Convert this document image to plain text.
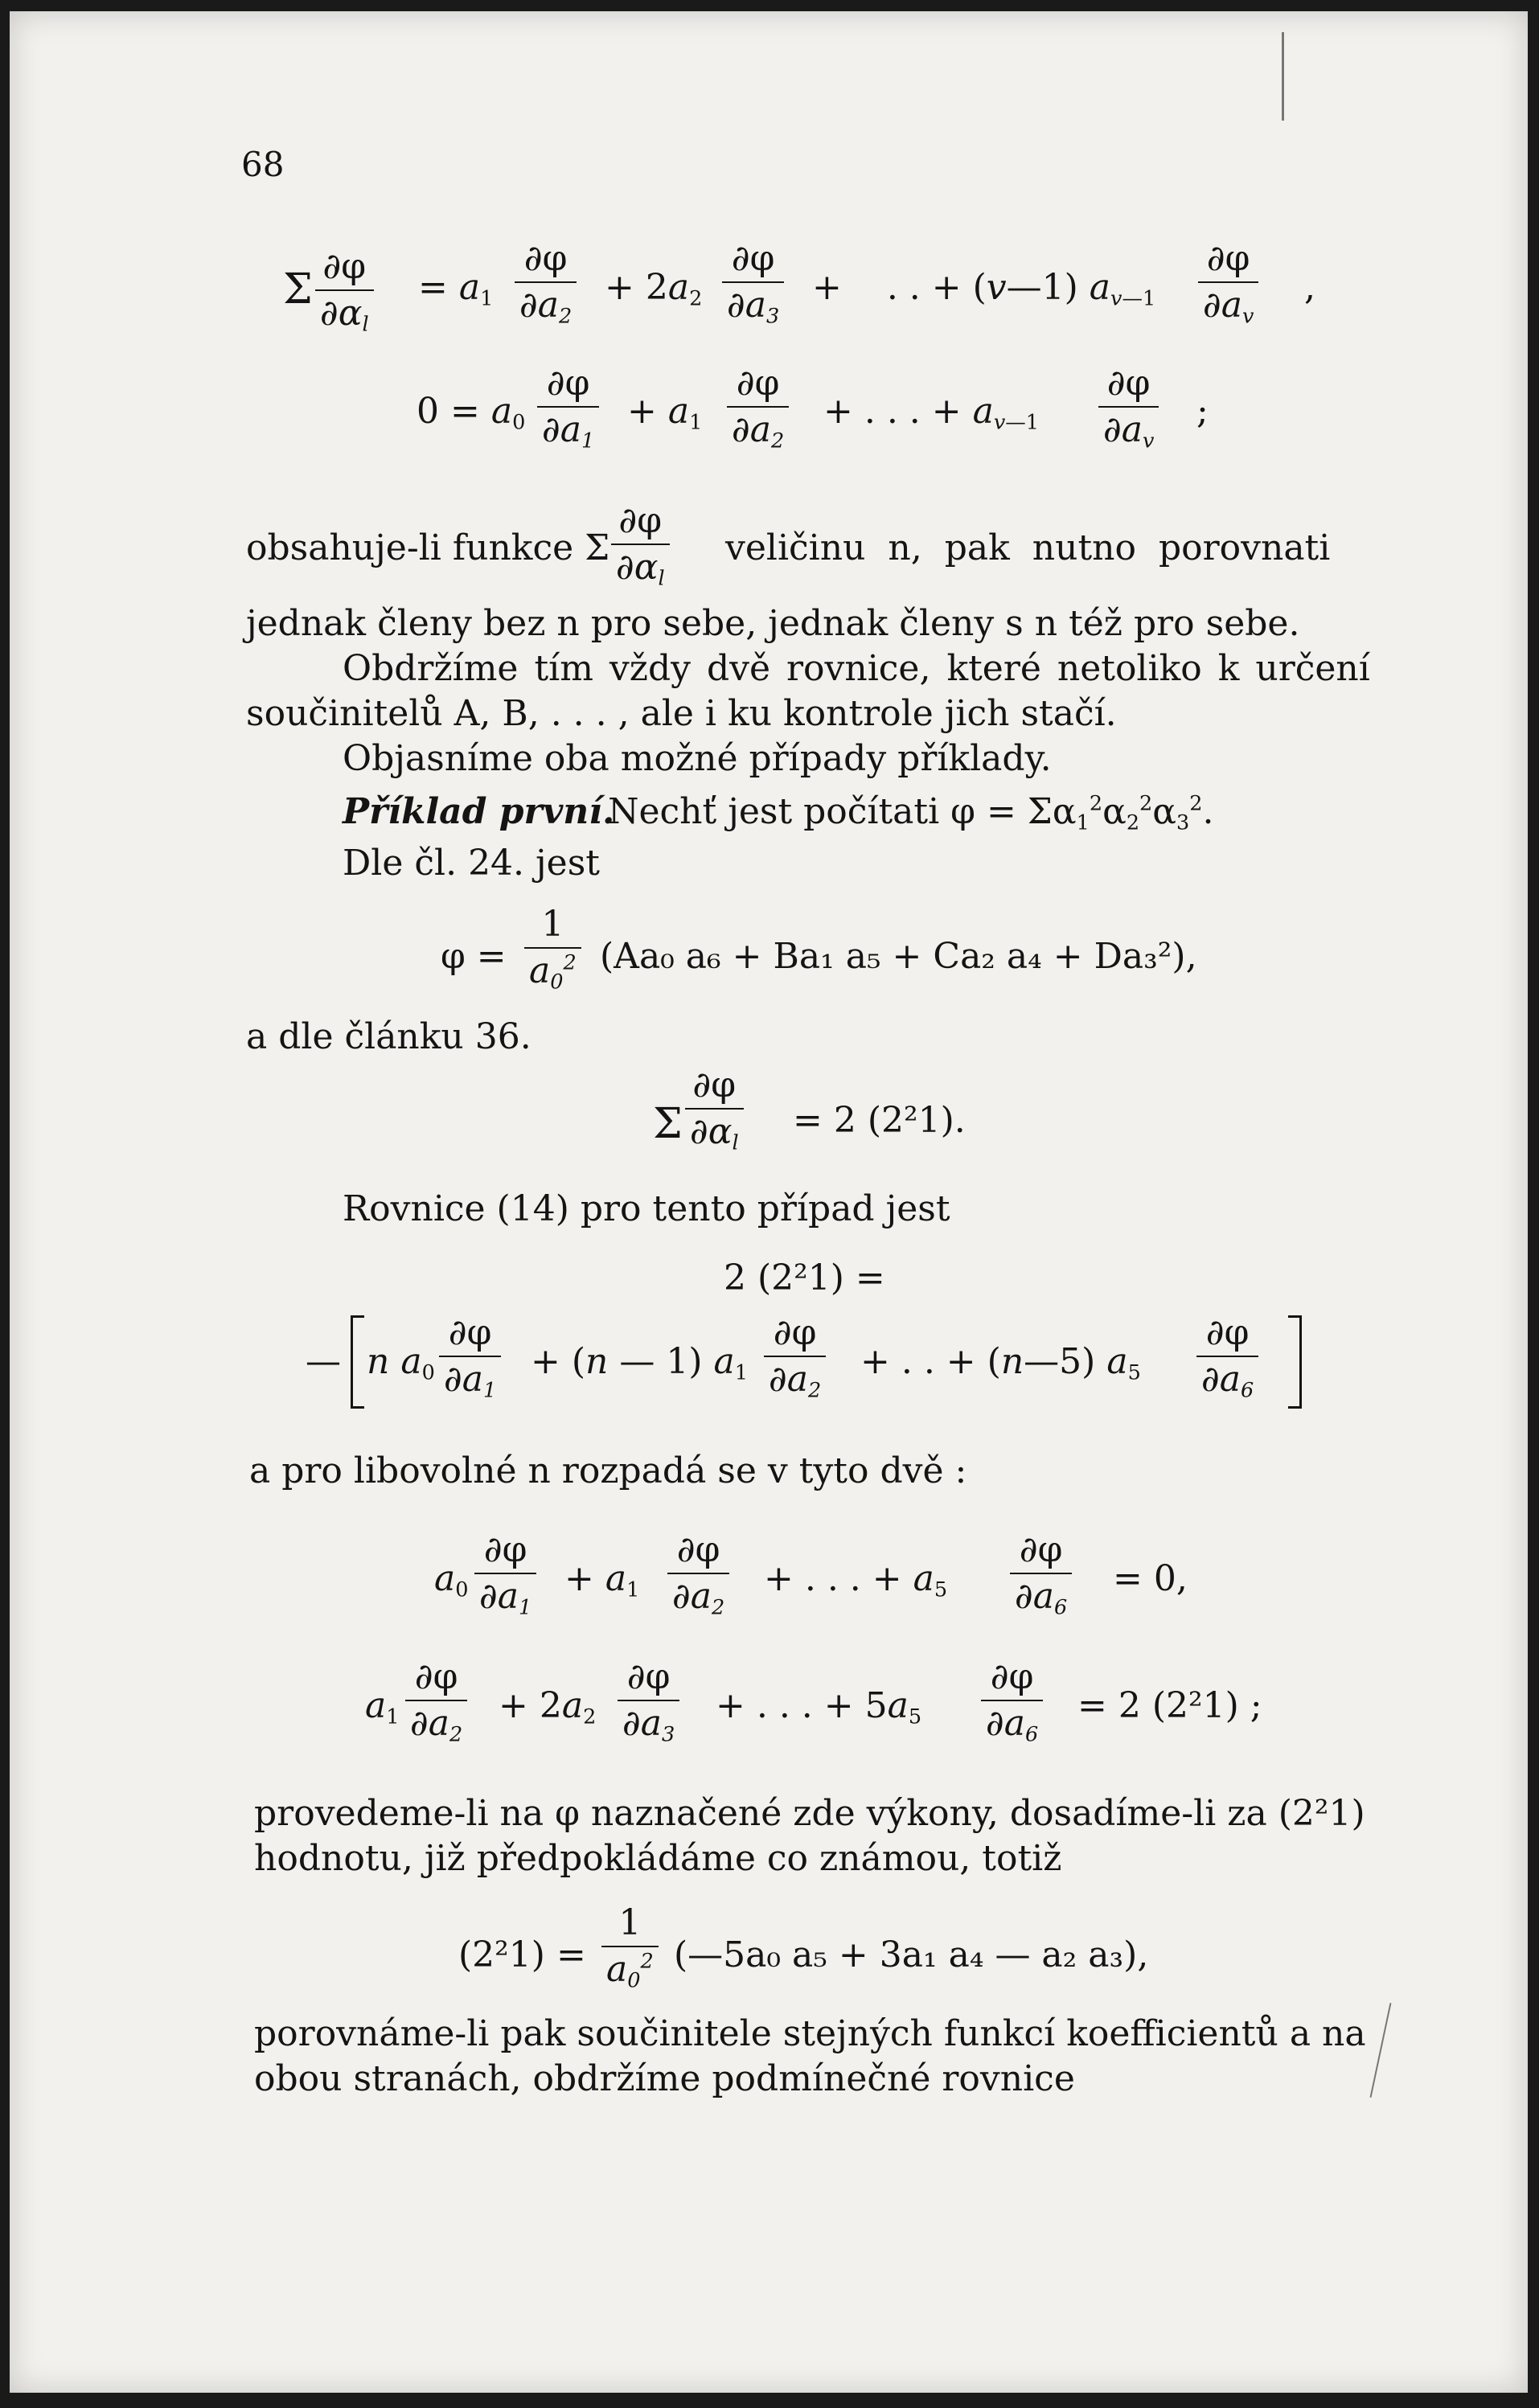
68
Σ $\frac{\partial\varphi}{\partial\alpha_l} = a_1 \frac{\partial\varphi}{\partial a_2} + 2a_2 \frac{\partial\varphi}{\partial a_3}$ +    . . + (v—1) $a_{v—1} \frac{\partial\varphi}{\partial a_v}$ ,
$0 = a_0 \frac{\partial\varphi}{\partial a_1} + a_1 \frac{\partial\varphi}{\partial a_2}$ + . . . + $a_{v—1} \frac{\partial\varphi}{\partial a_v}$ ;
obsahuje-li funkce Σ $\frac{\partial\varphi}{\partial\alpha_l}$ veličinu n, pak nutno porovnati
jednak členy bez n pro sebe, jednak členy s n též pro sebe.
Obdržíme tím vždy dvě rovnice, které netoliko k určení
součinitelů A, B, . . . , ale i ku kontrole jich stačí.
Objasníme oba možné případy příklady.
Příklad první.
Nechť jest počítati $\varphi = \Sigma\alpha_1^2\alpha_2^2\alpha_3^2$.
Dle čl. 24. jest
$\varphi = \frac{1}{a_0^2} (Aa_0$ a₆ + Ba₁ a₅ + Ca₂ a₄ + Da₃²),
a dle článku 36.
Σ $\frac{\partial\varphi}{\partial\alpha_l} = 2$ (2²1).
Rovnice (14) pro tento případ jest
2 (2²1) =
— n $a_0 \frac{\partial\varphi}{\partial a_1} + (n$ — 1) $a_1 \frac{\partial\varphi}{\partial a_2}$ + . . + (n—5) $a_5 \frac{\partial\varphi}{\partial a_6}$
a pro libovolné n rozpadá se v tyto dvě :
$a_0 \frac{\partial\varphi}{\partial a_1} + a_1 \frac{\partial\varphi}{\partial a_2}$ + . . . + $a_5 \frac{\partial\varphi}{\partial a_6} = 0$,
$a_1 \frac{\partial\varphi}{\partial a_2} + 2a_2 \frac{\partial\varphi}{\partial a_3}$ + . . . + $5a_5 \frac{\partial\varphi}{\partial a_6} = 2$ (2²1) ;
provedeme-li na φ naznačené zde výkony, dosadíme-li za (2²1)
hodnotu, již předpokládáme co známou, totiž
$(2^21) = \frac{1}{a_0^2}$ (—5a₀ a₅ + 3a₁ a₄ — a₂ a₃),
porovnáme-li pak součinitele stejných funkcí koefficientů a na
obou stranách, obdržíme podmínečné rovnice
